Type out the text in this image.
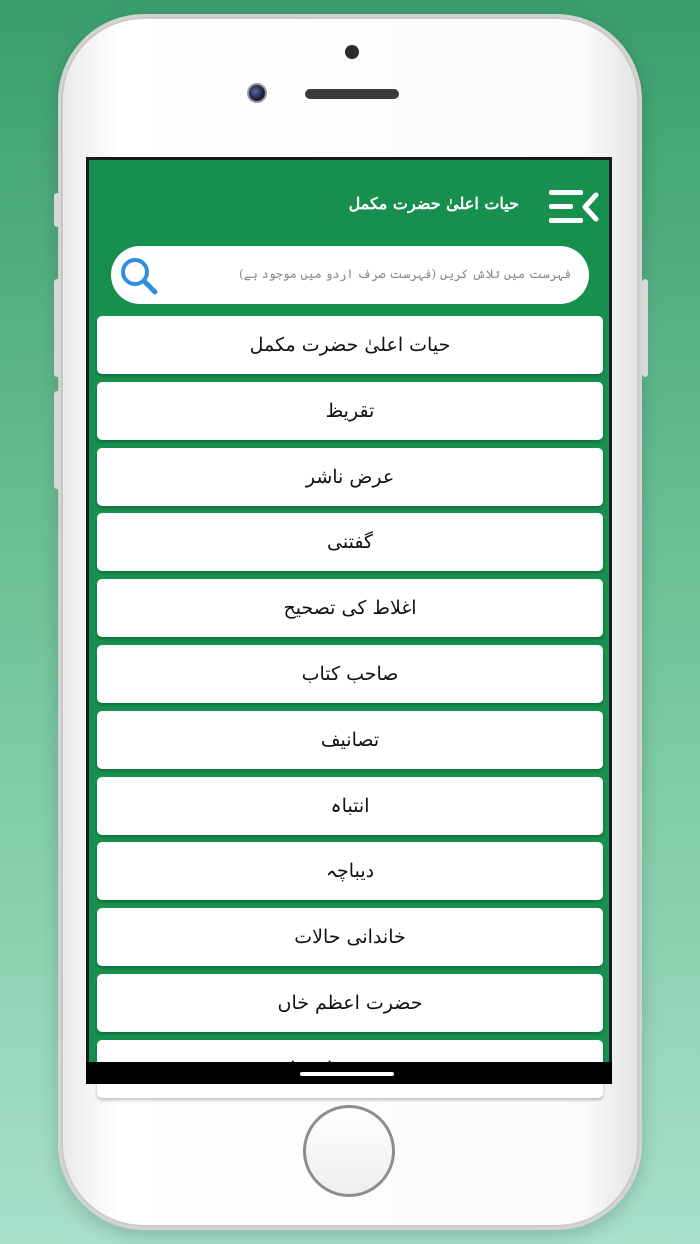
حیات اعلیٰ حضرت مکمل
فہرست میں تلاش کریں (فہرست صرف اردو میں موجود ہے)
حیات اعلیٰ حضرت مکمل
تقریظ
عرض ناشر
گفتنی
اغلاط کی تصحیح
صاحب کتاب
تصانیف
انتباہ
دیباچہ
خاندانی حالات
حضرت اعظم خاں
